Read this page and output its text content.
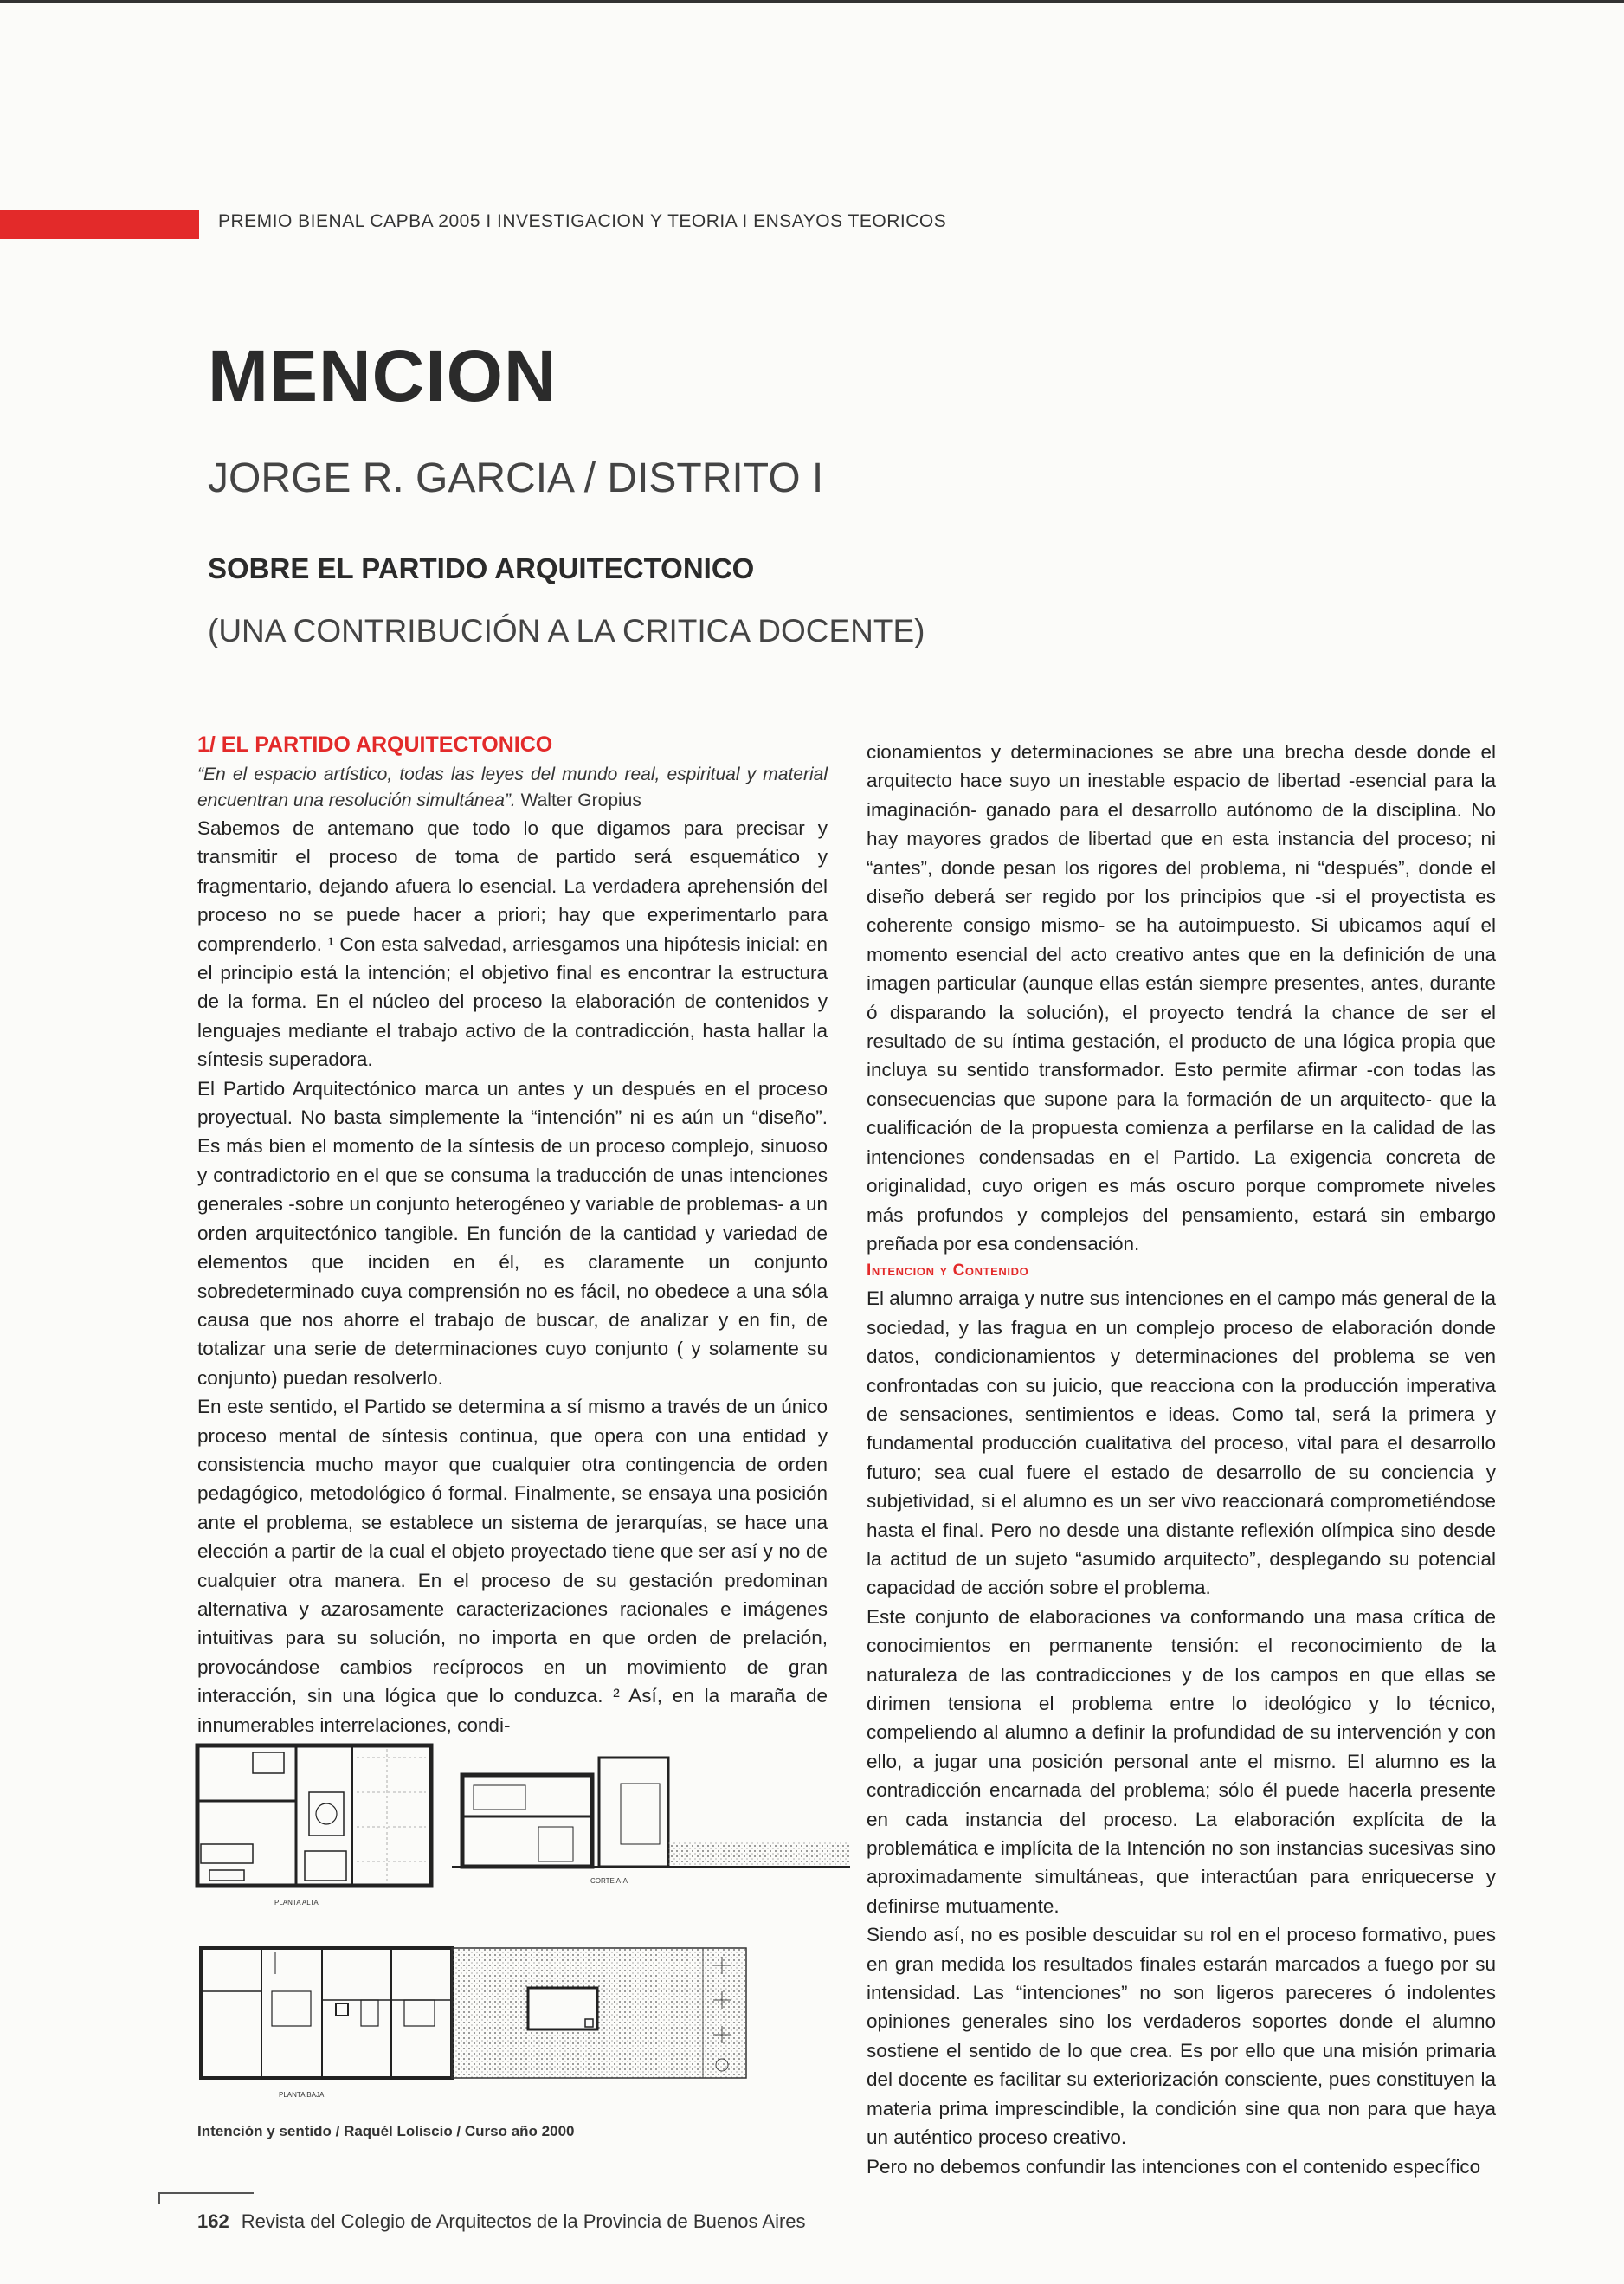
PREMIO BIENAL CAPBA 2005 I INVESTIGACION Y TEORIA I ENSAYOS TEORICOS
MENCION
JORGE R. GARCIA / DISTRITO I
SOBRE EL PARTIDO ARQUITECTONICO
(UNA CONTRIBUCIÓN A LA CRITICA DOCENTE)
1/ EL PARTIDO ARQUITECTONICO

“En el espacio artístico, todas las leyes del mundo real, espiritual y material encuentran una resolución simultánea”. Walter Gropius

Sabemos de antemano que todo lo que digamos para precisar y transmitir el proceso de toma de partido será esquemático y fragmentario, dejando afuera lo esencial. La verdadera aprehensión del proceso no se puede hacer a priori; hay que experimentarlo para comprenderlo. ¹ Con esta salvedad, arriesgamos una hipótesis inicial: en el principio está la intención; el objetivo final es encontrar la estructura de la forma. En el núcleo del proceso la elaboración de contenidos y lenguajes mediante el trabajo activo de la contradicción, hasta hallar la síntesis superadora.

El Partido Arquitectónico marca un antes y un después en el proceso proyectual. No basta simplemente la “intención” ni es aún un “diseño”. Es más bien el momento de la síntesis de un proceso complejo, sinuoso y contradictorio en el que se consuma la traducción de unas intenciones generales -sobre un conjunto heterogéneo y variable de problemas- a un orden arquitectónico tangible. En función de la cantidad y variedad de elementos que inciden en él, es claramente un conjunto sobredeterminado cuya comprensión no es fácil, no obedece a una sóla causa que nos ahorre el trabajo de buscar, de analizar y en fin, de totalizar una serie de determinaciones cuyo conjunto ( y solamente su conjunto) puedan resolverlo.

En este sentido, el Partido se determina a sí mismo a través de un único proceso mental de síntesis continua, que opera con una entidad y consistencia mucho mayor que cualquier otra contingencia de orden pedagógico, metodológico ó formal. Finalmente, se ensaya una posición ante el problema, se establece un sistema de jerarquías, se hace una elección a partir de la cual el objeto proyectado tiene que ser así y no de cualquier otra manera. En el proceso de su gestación predominan alternativa y azarosamente caracterizaciones racionales e imágenes intuitivas para su solución, no importa en que orden de prelación, provocándose cambios recíprocos en un movimiento de gran interacción, sin una lógica que lo conduzca. ² Así, en la maraña de innumerables interrelaciones, condi-

cionamientos y determinaciones se abre una brecha desde donde el arquitecto hace suyo un inestable espacio de libertad -esencial para la imaginación- ganado para el desarrollo autónomo de la disciplina. No hay mayores grados de libertad que en esta instancia del proceso; ni “antes”, donde pesan los rigores del problema, ni “después”, donde el diseño deberá ser regido por los principios que -si el proyectista es coherente consigo mismo- se ha autoimpuesto. Si ubicamos aquí el momento esencial del acto creativo antes que en la definición de una imagen particular (aunque ellas están siempre presentes, antes, durante ó disparando la solución), el proyecto tendrá la chance de ser el resultado de su íntima gestación, el producto de una lógica propia que incluya su sentido transformador. Esto permite afirmar -con todas las consecuencias que supone para la formación de un arquitecto- que la cualificación de la propuesta comienza a perfilarse en la calidad de las intenciones condensadas en el Partido. La exigencia concreta de originalidad, cuyo origen es más oscuro porque compromete niveles más profundos y complejos del pensamiento, estará sin embargo preñada por esa condensación.

Intencion y Contenido

El alumno arraiga y nutre sus intenciones en el campo más general de la sociedad, y las fragua en un complejo proceso de elaboración donde datos, condicionamientos y determinaciones del problema se ven confrontadas con su juicio, que reacciona con la producción imperativa de sensaciones, sentimientos e ideas. Como tal, será la primera y fundamental producción cualitativa del proceso, vital para el desarrollo futuro; sea cual fuere el estado de desarrollo de su conciencia y subjetividad, si el alumno es un ser vivo reaccionará comprometiéndose hasta el final. Pero no desde una distante reflexión olímpica sino desde la actitud de un sujeto “asumido arquitecto”, desplegando su potencial capacidad de acción sobre el problema.

Este conjunto de elaboraciones va conformando una masa crítica de conocimientos en permanente tensión: el reconocimiento de la naturaleza de las contradicciones y de los campos en que ellas se dirimen tensiona el problema entre lo ideológico y lo técnico, compeliendo al alumno a definir la profundidad de su intervención y con ello, a jugar una posición personal ante el mismo. El alumno es la contradicción encarnada del problema; sólo él puede hacerla presente en cada instancia del proceso. La elaboración explícita de la problemática e implícita de la Intención no son instancias sucesivas sino aproximadamente simultáneas, que interactúan para enriquecerse y definirse mutuamente.

Siendo así, no es posible descuidar su rol en el proceso formativo, pues en gran medida los resultados finales estarán marcados a fuego por su intensidad. Las “intenciones” no son ligeros pareceres ó indolentes opiniones generales sino los verdaderos soportes donde el alumno sostiene el sentido de lo que crea. Es por ello que una misión primaria del docente es facilitar su exteriorización consciente, pues constituyen la materia prima imprescindible, la condición sine qua non para que haya un auténtico proceso creativo.

Pero no debemos confundir las intenciones con el contenido específico

PLANTA ALTA
CORTE A-A
PLANTA BAJA
Intención y sentido / Raquél Loliscio / Curso año 2000
162 Revista del Colegio de Arquitectos de la Provincia de Buenos Aires
